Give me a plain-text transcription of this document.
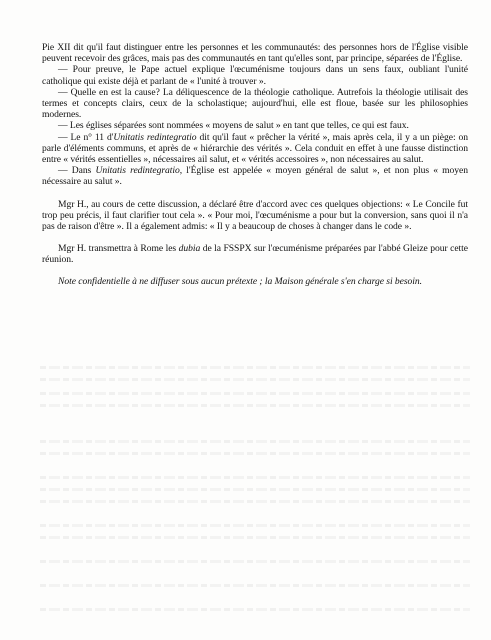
Pie XII dit qu'il faut distinguer entre les personnes et les communautés: des personnes hors de l'Église visible peuvent recevoir des grâces, mais pas des communautés en tant qu'elles sont, par principe, séparées de l'Église.

— Pour preuve, le Pape actuel explique l'œcuménisme toujours dans un sens faux, oubliant l'unité catholique qui existe déjà et parlant de « l'unité à trouver ».

— Quelle en est la cause? La déliquescence de la théologie catholique. Autrefois la théologie utilisait des termes et concepts clairs, ceux de la scholastique; aujourd'hui, elle est floue, basée sur les philosophies modernes.

— Les églises séparées sont nommées « moyens de salut » en tant que telles, ce qui est faux.

— Le n° 11 d'Unitatis redintegratio dit qu'il faut « prêcher la vérité », mais après cela, il y a un piège: on parle d'éléments communs, et après de « hiérarchie des vérités ». Cela conduit en effet à une fausse distinction entre « vérités essentielles », nécessaires ail salut, et « vérités accessoires », non nécessaires au salut.

— Dans Unitatis redintegratio, l'Église est appelée « moyen général de salut », et non plus « moyen nécessaire au salut ».

Mgr H., au cours de cette discussion, a déclaré être d'accord avec ces quelques objections: « Le Concile fut trop peu précis, il faut clarifier tout cela ». « Pour moi, l'œcuménisme a pour but la conversion, sans quoi il n'a pas de raison d'être ». Il a également admis: « Il y a beaucoup de choses à changer dans le code ».

Mgr H. transmettra à Rome les dubia de la FSSPX sur l'œcuménisme préparées par l'abbé Gleize pour cette réunion.

Note confidentielle à ne diffuser sous aucun prétexte ; la Maison générale s'en charge si besoin.
